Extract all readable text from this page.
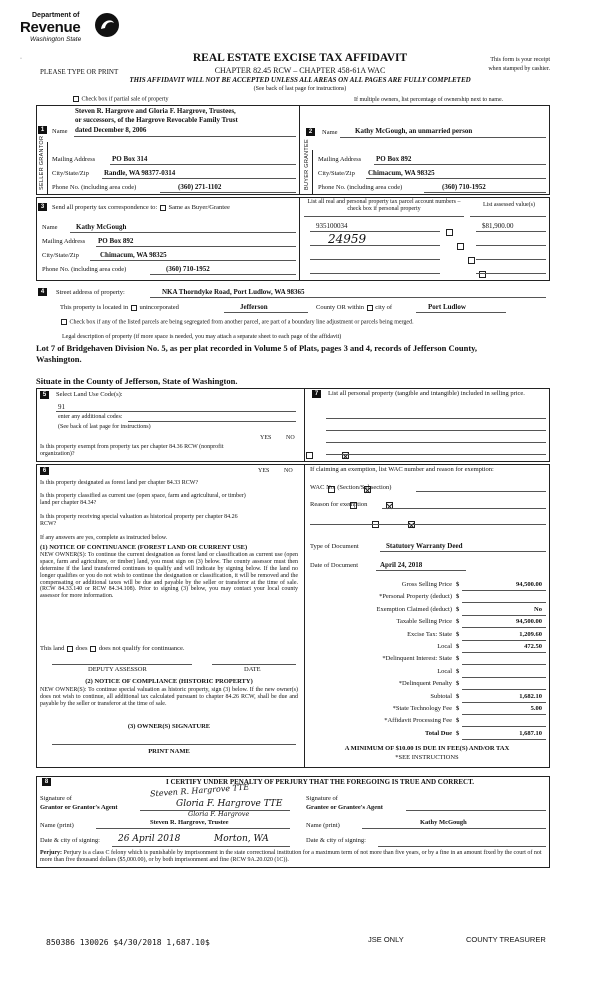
Department of
Revenue
Washington State
·	REAL ESTATE EXCISE TAX AFFIDAVIT
CHAPTER 82.45 RCW – CHAPTER 458-61A WAC
PLEASE TYPE OR PRINT
This form is your receipt
when stamped by cashier.
THIS AFFIDAVIT WILL NOT BE ACCEPTED UNLESS ALL AREAS ON ALL PAGES ARE FULLY COMPLETED
(See back of last page for instructions)
Check box if partial sale of property	If multiple owners, list percentage of ownership next to name.
1	Name
Steven R. Hargrove and Gloria F. Hargrove, Trustees,
or successors, of the Hargrove Revocable Family Trust
dated December 8, 2006
SELLER GRANTOR Mailing Address PO Box 314
City/State/Zip Randle, WA 98377-0314
Phone No. (including area code)	(360) 271-1102
2	Name Kathy McGough, an unmarried person
BUYER GRANTEE Mailing Address PO Box 892
City/State/Zip Chimacum, WA 98325
Phone No. (including area code)	(360) 710-1952
3	Send all property tax correspondence to: Same as Buyer/Grantee
Name	Kathy McGough
Mailing Address PO Box 892
City/State/Zip	Chimacum, WA 98325
Phone No. (including area code)	(360) 710-1952
List all real and personal property tax parcel account numbers – check box if personal property
List assessed value(s)
935100034
	$81,900.00
24959

4	Street address of property:	NKA Thorndyke Road, Port Ludlow, WA 98365
This property is located in unincorporated	Jefferson	County OR within city of	Port Ludlow
Check box if any of the listed parcels are being segregated from another parcel, are part of a boundary line adjustment or parcels being merged.
Legal description of property (if more space is needed, you may attach a separate sheet to each page of the affidavit)
Lot 7 of Bridgehaven Division No. 5, as per plat recorded in Volume 5 of Plats, pages 3 and 4, records of Jefferson County,
Washington.
Situate in the County of Jefferson, State of Washington.
5	Select Land Use Code(s):
91
enter any additional codes:
(See back of last page for instructions)
YES NO
Is this property exempt from property tax per chapter 84.36 RCW (nonprofit organization)?

7	List all personal property (tangible and intangible) included in selling price.
6	YES NO
Is this property designated as forest land per chapter 84.33 RCW?

Is this property classified as current use (open space, farm and agricultural, or timber) land per chapter 84.34?

Is this property receiving special valuation as historical property per chapter 84.26 RCW?

If any answers are yes, complete as instructed below.
(1) NOTICE OF CONTINUANCE (FOREST LAND OR CURRENT USE)
NEW OWNER(S): To continue the current designation as forest land or classification as current use (open space, farm and agriculture, or timber) land, you must sign on (3) below. The county assessor must then determine if the land transferred continues to qualify and will indicate by signing below. If the land no longer qualifies or you do not wish to continue the designation or classification, it will be removed and the compensating or additional taxes will be due and payable by the seller or transferor at the time of sale. (RCW 84.33.140 or RCW 84.34.108). Prior to signing (3) below, you may contact your local county assessor for more information.
This land does does not qualify for continuance.
DEPUTY ASSESSOR	DATE
(2) NOTICE OF COMPLIANCE (HISTORIC PROPERTY)
NEW OWNER(S): To continue special valuation as historic property, sign (3) below. If the new owner(s) does not wish to continue, all additional tax calculated pursuant to chapter 84.26 RCW, shall be due and payable by the seller or transferor at the time of sale.
(3) OWNER(S) SIGNATURE
PRINT NAME
If claiming an exemption, list WAC number and reason for exemption:
WAC No. (Section/Subsection)
Reason for exemption
Type of Document	Statutory Warranty Deed
Date of Document	April 24, 2018
Gross Selling Price $	94,500.00
*Personal Property (deduct) $
Exemption Claimed (deduct) $	No
Taxable Selling Price $	94,500.00
Excise Tax: State $	1,209.60
Local $	472.50
*Delinquent Interest: State $
Local $
*Delinquent Penalty $
Subtotal $	1,682.10
*State Technology Fee $	5.00
*Affidavit Processing Fee $
Total Due $	1,687.10
A MINIMUM OF $10.00 IS DUE IN FEE(S) AND/OR TAX
*SEE INSTRUCTIONS
8	I CERTIFY UNDER PENALTY OF PERJURY THAT THE FOREGOING IS TRUE AND CORRECT.
Signature of
Grantor or Grantor's Agent
Steven R. Hargrove TTE
Gloria F. Hargrove TTE
Gloria F. Hargrove
Name (print)	Steven R. Hargrove, Trustee
Date & city of signing: 26 April 2018	Morton, WA
Signature of
Grantee or Grantee's Agent
Name (print)	Kathy McGough
Date & city of signing:
Perjury: Perjury is a class C felony which is punishable by imprisonment in the state correctional institution for a maximum term of not more than five years, or by a fine in an amount fixed by the court of not more than five thousand dollars ($5,000.00), or by both imprisonment and fine (RCW 9A.20.020 (1C)).
850386 130026 $4/30/2018 1,687.10$	JSE ONLY	COUNTY TREASURER
